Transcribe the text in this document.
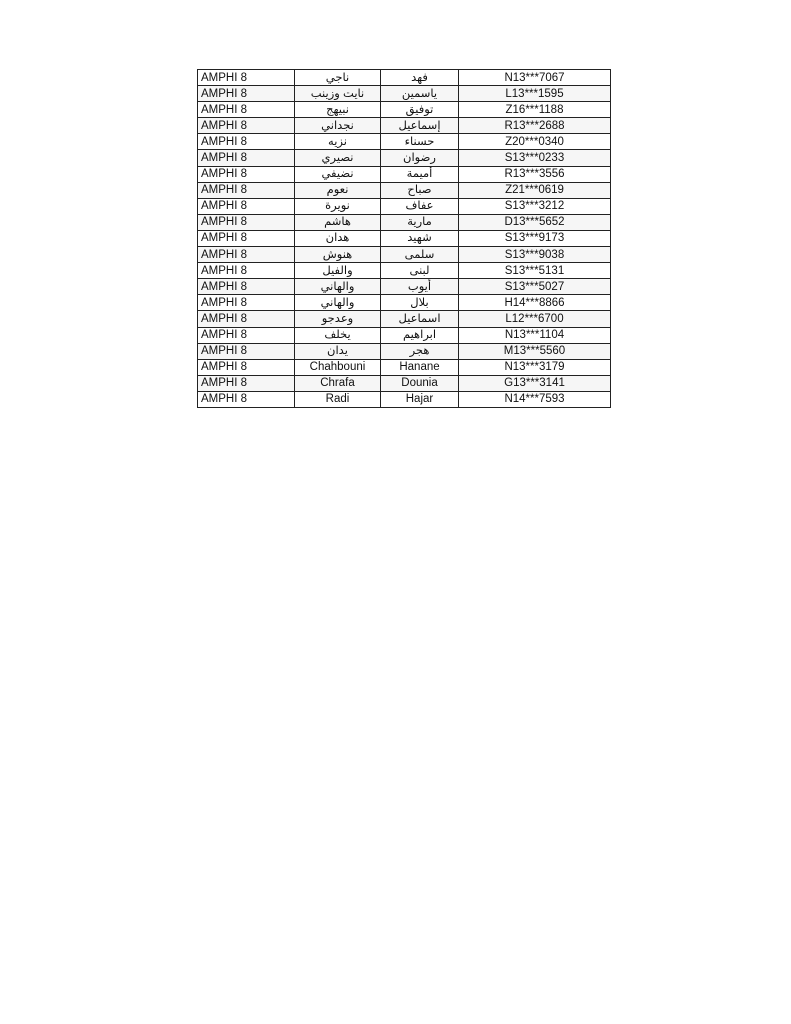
AMPHI 8	ناجي	فهد	N13***7067
AMPHI 8	نايت وزينب	ياسمين	L13***1595
AMPHI 8	نبيهج	توفيق	Z16***1188
AMPHI 8	نجداني	إسماعيل	R13***2688
AMPHI 8	نزيه	حسناء	Z20***0340
AMPHI 8	نصيري	رضوان	S13***0233
AMPHI 8	نضيفي	أميمة	R13***3556
AMPHI 8	نعوم	صباح	Z21***0619
AMPHI 8	نويرة	عفاف	S13***3212
AMPHI 8	هاشم	مارية	D13***5652
AMPHI 8	هدان	شهيد	S13***9173
AMPHI 8	هنوش	سلمى	S13***9038
AMPHI 8	والفيل	لبنى	S13***5131
AMPHI 8	والهاني	أيوب	S13***5027
AMPHI 8	والهاني	بلال	H14***8866
AMPHI 8	وعدجو	اسماعيل	L12***6700
AMPHI 8	يخلف	ابراهيم	N13***1104
AMPHI 8	يدان	هجر	M13***5560
AMPHI 8	Chahbouni	Hanane	N13***3179
AMPHI 8	Chrafa	Dounia	G13***3141
AMPHI 8	Radi	Hajar	N14***7593
